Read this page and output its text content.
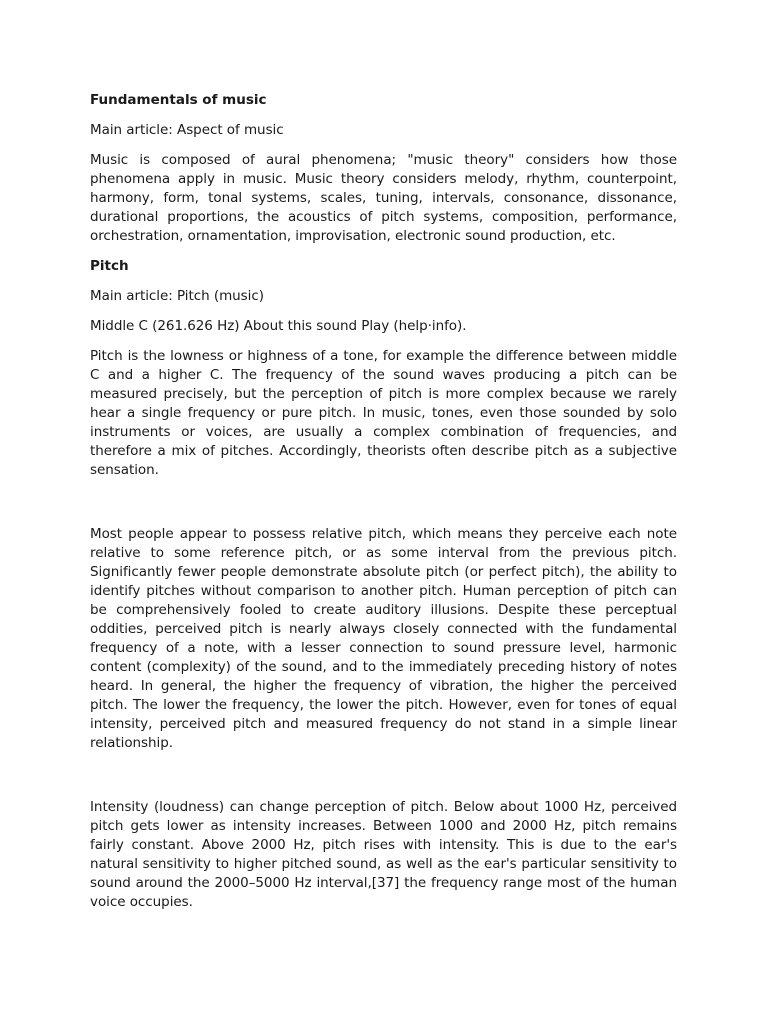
Fundamentals of music
Main article: Aspect of music
Music is composed of aural phenomena; "music theory" considers how those phenomena apply in music. Music theory considers melody, rhythm, counterpoint, harmony, form, tonal systems, scales, tuning, intervals, consonance, dissonance, durational proportions, the acoustics of pitch systems, composition, performance, orchestration, ornamentation, improvisation, electronic sound production, etc.
Pitch
Main article: Pitch (music)
Middle C (261.626 Hz) About this sound Play (help·info).
Pitch is the lowness or highness of a tone, for example the difference between middle C and a higher C. The frequency of the sound waves producing a pitch can be measured precisely, but the perception of pitch is more complex because we rarely hear a single frequency or pure pitch. In music, tones, even those sounded by solo instruments or voices, are usually a complex combination of frequencies, and therefore a mix of pitches. Accordingly, theorists often describe pitch as a subjective sensation.
Most people appear to possess relative pitch, which means they perceive each note relative to some reference pitch, or as some interval from the previous pitch. Significantly fewer people demonstrate absolute pitch (or perfect pitch), the ability to identify pitches without comparison to another pitch. Human perception of pitch can be comprehensively fooled to create auditory illusions. Despite these perceptual oddities, perceived pitch is nearly always closely connected with the fundamental frequency of a note, with a lesser connection to sound pressure level, harmonic content (complexity) of the sound, and to the immediately preceding history of notes heard. In general, the higher the frequency of vibration, the higher the perceived pitch. The lower the frequency, the lower the pitch. However, even for tones of equal intensity, perceived pitch and measured frequency do not stand in a simple linear relationship.
Intensity (loudness) can change perception of pitch. Below about 1000 Hz, perceived pitch gets lower as intensity increases. Between 1000 and 2000 Hz, pitch remains fairly constant. Above 2000 Hz, pitch rises with intensity. This is due to the ear's natural sensitivity to higher pitched sound, as well as the ear's particular sensitivity to sound around the 2000–5000 Hz interval,[37] the frequency range most of the human voice occupies.
